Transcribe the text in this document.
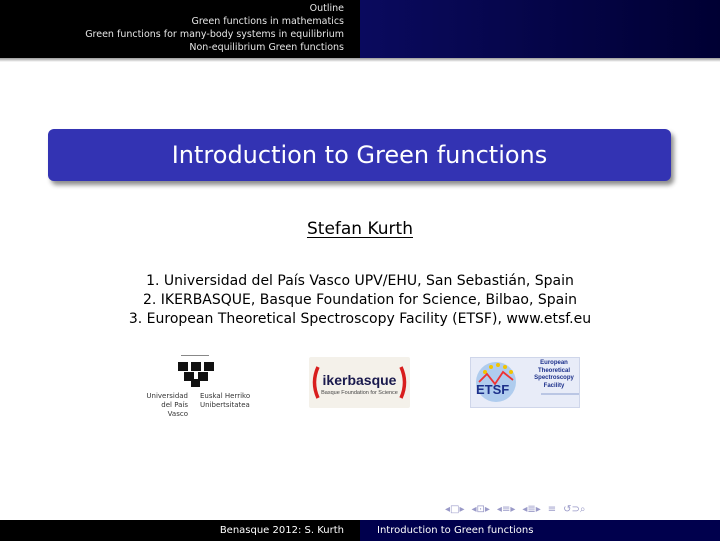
Outline
Green functions in mathematics
Green functions for many-body systems in equilibrium
Non-equilibrium Green functions
Introduction to Green functions
Stefan Kurth
1. Universidad del País Vasco UPV/EHU, San Sebastián, Spain
2. IKERBASQUE, Basque Foundation for Science, Bilbao, Spain
3. European Theoretical Spectroscopy Facility (ETSF), www.etsf.eu
Universidad
del País Vasco
Euskal Herriko
Unibertsitatea
ikerbasque
Basque Foundation for Science	ETSF
European
Theoretical
Spectroscopy
Facility
◂□▸ ◂⊡▸ ◂≡▸ ◂≣▸ ≡ ↺⊃⌕
Benasque 2012: S. Kurth	Introduction to Green functions
